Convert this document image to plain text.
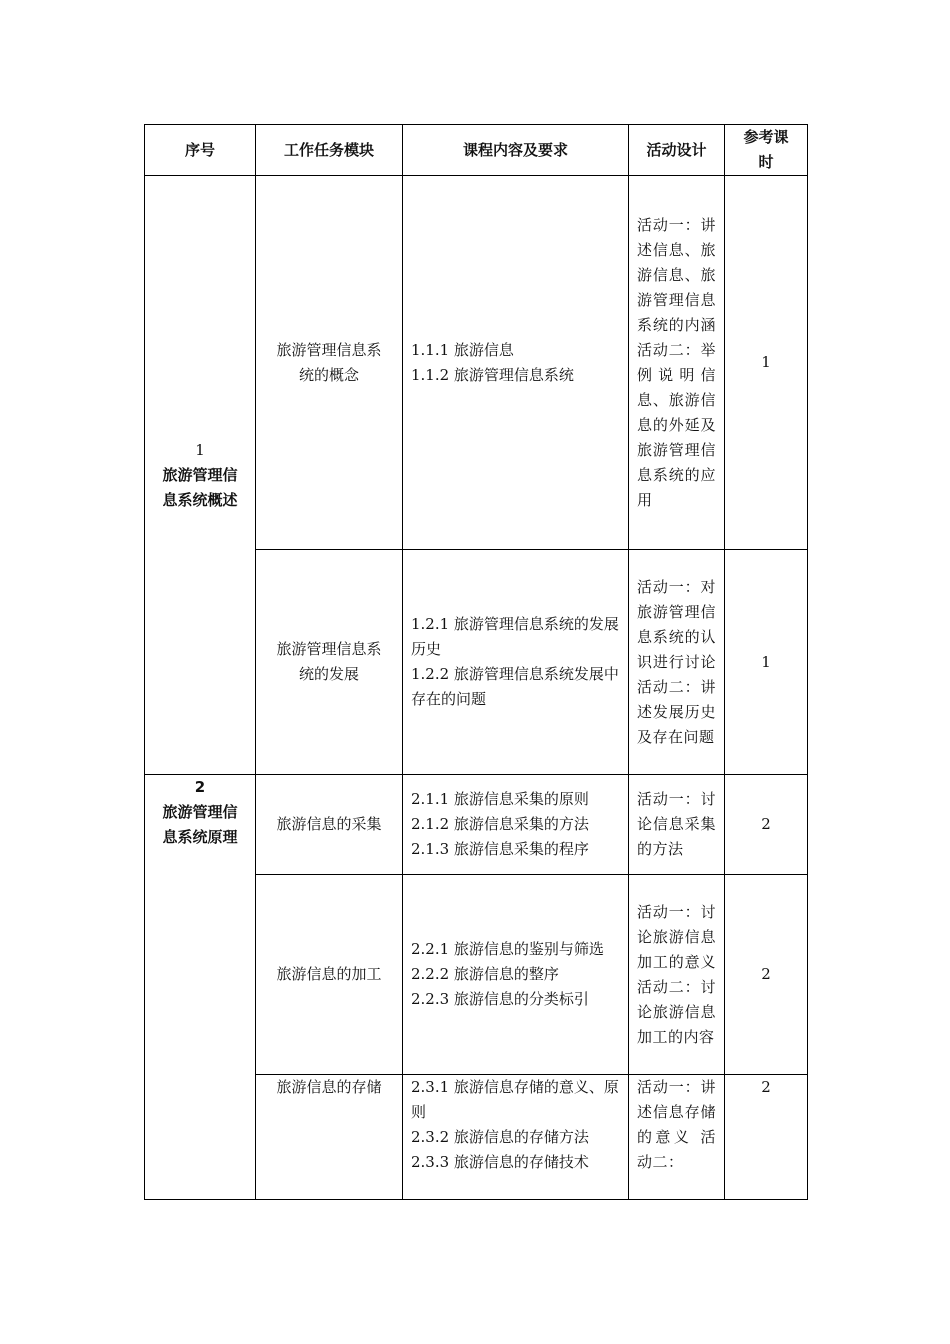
序号	工作任务模块	课程内容及要求	活动设计	参考课时

1
旅游管理信
息系统概述	旅游管理信息系统的概念	1.1.1 旅游信息
1.1.2 旅游管理信息系统	活动一：讲述信息、旅游信息、旅游管理信息系统的内涵 活动二：举例说明信息、旅游信息的外延及旅游管理信息系统的应用	1
	旅游管理信息系统的发展	1.2.1 旅游管理信息系统的发展历史
1.2.2 旅游管理信息系统发展中存在的问题	活动一：对旅游管理信息系统的认识进行讨论 活动二：讲述发展历史及存在问题	1

2
旅游管理信
息系统原理	旅游信息的采集	2.1.1 旅游信息采集的原则
2.1.2 旅游信息采集的方法
2.1.3 旅游信息采集的程序	活动一：讨论信息采集的方法	2
	旅游信息的加工	2.2.1 旅游信息的鉴别与筛选
2.2.2 旅游信息的整序
2.2.3 旅游信息的分类标引	活动一：讨论旅游信息加工的意义 活动二：讨论旅游信息加工的内容	2
	旅游信息的存储	2.3.1 旅游信息存储的意义、原则
2.3.2 旅游信息的存储方法
2.3.3 旅游信息的存储技术	活动一：讲述信息存储的意义 活动二：	2
